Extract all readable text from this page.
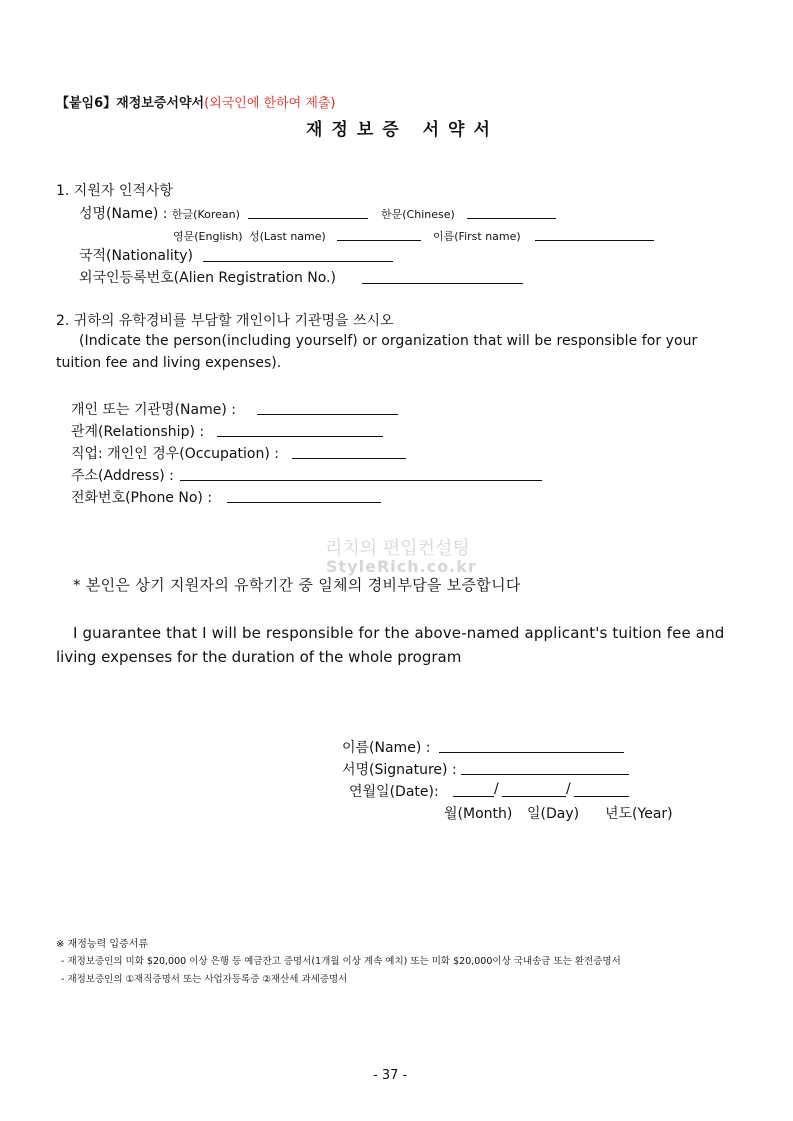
【붙임6】재정보증서약서(외국인에 한하여 제출)
재정보증 서약서
1. 지원자 인적사항
성명(Name) : 한글(Korean)	한문(Chinese)
영문(English) 성(Last name)	이름(First name)
국적(Nationality)
외국인등록번호(Alien Registration No.)
2. 귀하의 유학경비를 부담할 개인이나 기관명을 쓰시오
(Indicate the person(including yourself) or organization that will be responsible for your
tuition fee and living expenses).
개인 또는 기관명(Name) :
관계(Relationship) :
직업: 개인인 경우(Occupation) :
주소(Address) :
전화번호(Phone No) :
리치의 편입컨설팅
StyleRich.co.kr
* 본인은 상기 지원자의 유학기간 중 일체의 경비부담을 보증합니다
I guarantee that I will be responsible for the above-named applicant's tuition fee and
living expenses for the duration of the whole program
이름(Name) :
서명(Signature) :
연월일(Date):	/	/
월(Month) 일(Day) 년도(Year)
※ 재정능력 입증서류
- 재정보증인의 미화 $20,000 이상 은행 등 예금잔고 증명서(1개월 이상 계속 예치) 또는 미화 $20,000이상 국내송금 또는 환전증명서
- 재정보증인의 ①재직증명서 또는 사업자등록증 ②재산세 과세증명서
- 37 -
